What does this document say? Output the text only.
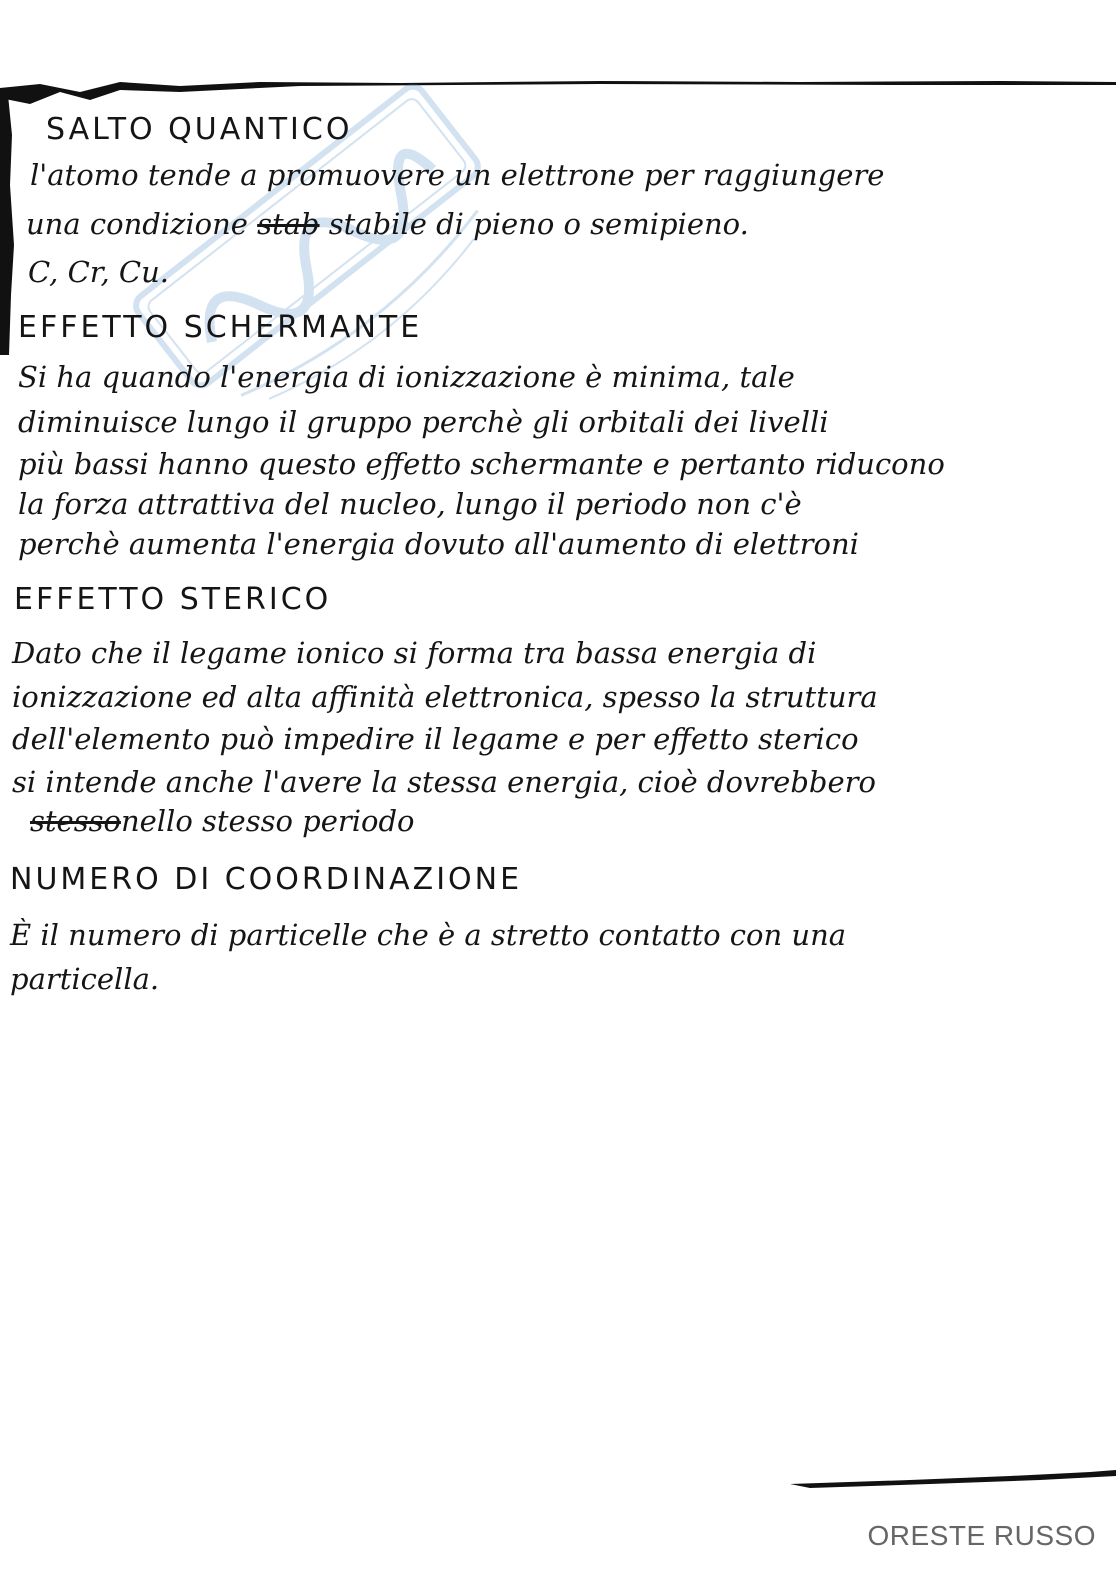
SALTO QUANTICO

l'atomo tende a promuovere un elettrone per raggiungere

una condizione stab stabile di pieno o semipieno.

C, Cr, Cu.

EFFETTO SCHERMANTE

Si ha quando l'energia di ionizzazione è minima, tale

diminuisce lungo il gruppo perchè gli orbitali dei livelli

più bassi hanno questo effetto schermante e pertanto riducono

la forza attrattiva del nucleo, lungo il periodo non c'è

perchè aumenta l'energia dovuto all'aumento di elettroni

EFFETTO STERICO

Dato che il legame ionico si forma tra bassa energia di

ionizzazione ed alta affinità elettronica, spesso la struttura

dell'elemento può impedire il legame e per effetto sterico

si intende anche l'avere la stessa energia, cioè dovrebbero

stessonello stesso periodo

NUMERO DI COORDINAZIONE

È il numero di particelle che è a stretto contatto con una

particella.

ORESTE RUSSO
